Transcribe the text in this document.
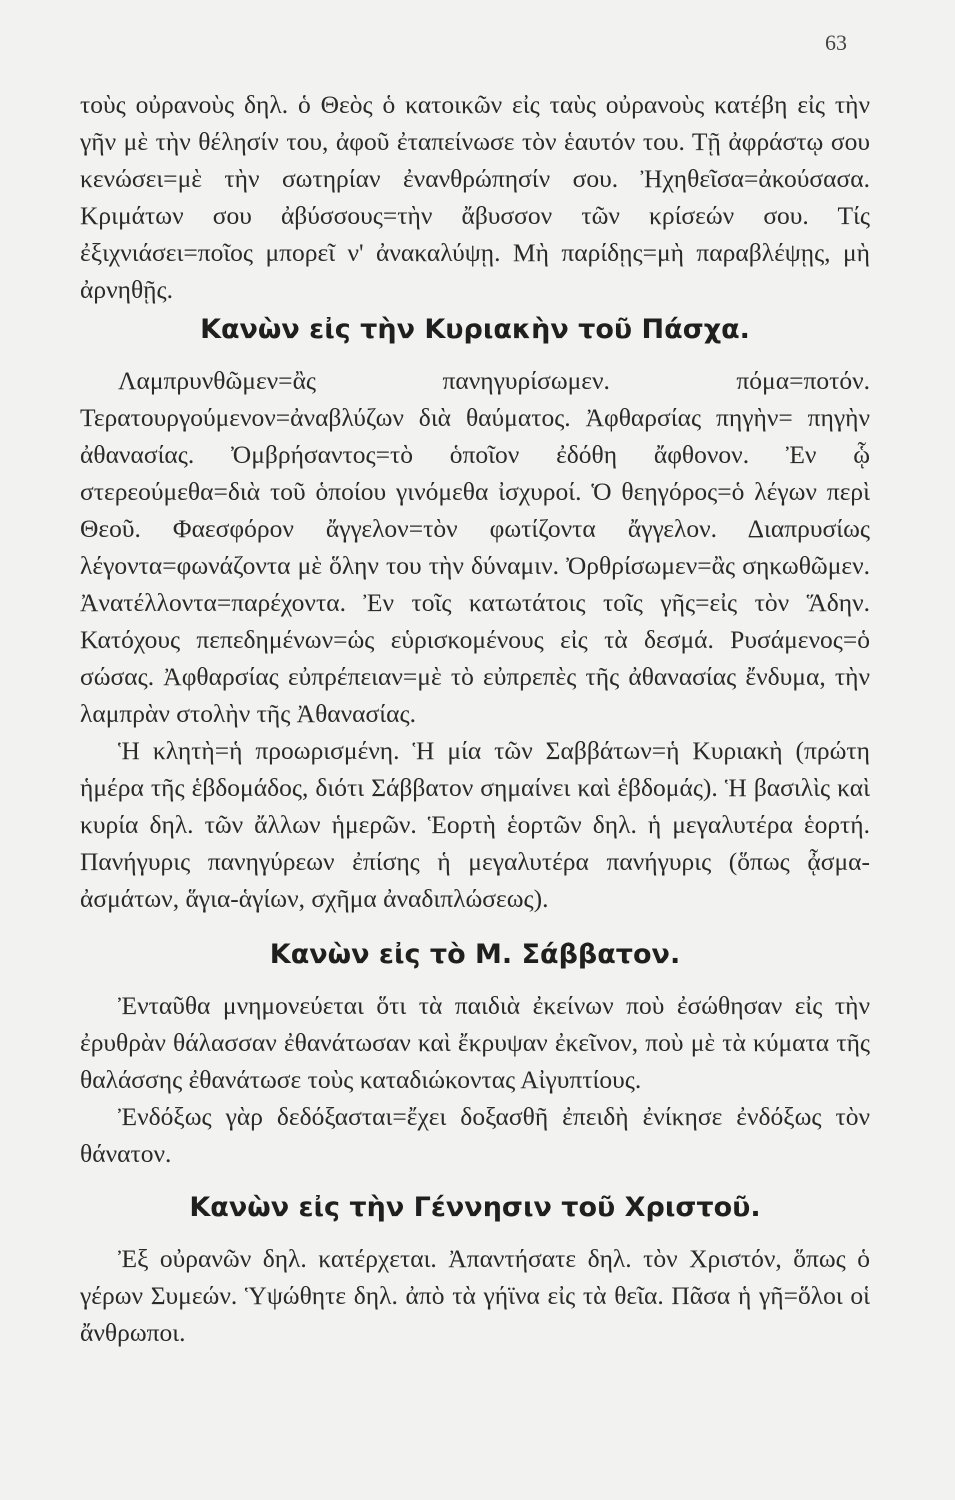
63

τοὺς οὐρανοὺς δηλ. ὁ Θεὸς ὁ κατοικῶν εἰς ταὺς οὐρανοὺς κατέβη εἰς τὴν γῆν μὲ τὴν θέλησίν του, ἀφοῦ ἐταπείνωσε τὸν ἑαυτόν του. Τῇ ἀφράστῳ σου κενώσει=μὲ τὴν σωτηρίαν ἐνανθρώπησίν σου. Ἠχηθεῖσα=ἀκούσασα. Κριμάτων σου ἀβύσσους=τὴν ἄβυσσον τῶν κρίσεών σου. Τίς ἐξιχνιάσει=ποῖος μπορεῖ ν' ἀνακαλύψῃ. Μὴ παρίδῃς=μὴ παραβλέψῃς, μὴ ἀρνηθῇς.

Κανὼν εἰς τὴν Κυριακὴν τοῦ Πάσχα.

Λαμπρυνθῶμεν=ἂς πανηγυρίσωμεν. πόμα=ποτόν. Τερατουργούμενον=ἀναβλύζων διὰ θαύματος. Ἀφθαρσίας πηγὴν= πηγὴν ἀθανασίας. Ὀμβρήσαντος=τὸ ὁποῖον ἐδόθη ἄφθονον. Ἐν ᾧ στερεούμεθα=διὰ τοῦ ὁποίου γινόμεθα ἰσχυροί. Ὁ θεηγόρος=ὁ λέγων περὶ Θεοῦ. Φαεσφόρον ἄγγελον=τὸν φωτίζοντα ἄγγελον. Διαπρυσίως λέγοντα=φωνάζοντα μὲ ὅλην του τὴν δύναμιν. Ὀρθρίσωμεν=ἂς σηκωθῶμεν. Ἀνατέλλοντα=παρέχοντα. Ἐν τοῖς κατωτάτοις τοῖς γῆς=εἰς τὸν Ἅδην. Κατόχους πεπεδημένων=ὡς εὑρισκομένους εἰς τὰ δεσμά. Ρυσάμενος=ὁ σώσας. Ἀφθαρσίας εὐπρέπειαν=μὲ τὸ εὐπρεπὲς τῆς ἀθανασίας ἔνδυμα, τὴν λαμπρὰν στολὴν τῆς Ἀθανασίας.

Ἡ κλητὴ=ἡ προωρισμένη. Ἡ μία τῶν Σαββάτων=ἡ Κυριακὴ (πρώτη ἡμέρα τῆς ἑβδομάδος, διότι Σάββατον σημαίνει καὶ ἑβδομάς). Ἡ βασιλὶς καὶ κυρία δηλ. τῶν ἄλλων ἡμερῶν. Ἑορτὴ ἑορτῶν δηλ. ἡ μεγαλυτέρα ἑορτή. Πανήγυρις πανηγύρεων ἐπίσης ἡ μεγαλυτέρα πανήγυρις (ὅπως ᾆσμα-ἀσμάτων, ἅγια-ἁγίων, σχῆμα ἀναδιπλώσεως).

Κανὼν εἰς τὸ Μ. Σάββατον.

Ἐνταῦθα μνημονεύεται ὅτι τὰ παιδιὰ ἐκείνων ποὺ ἐσώθησαν εἰς τὴν ἐρυθρὰν θάλασσαν ἐθανάτωσαν καὶ ἔκρυψαν ἐκεῖνον, ποὺ μὲ τὰ κύματα τῆς θαλάσσης ἐθανάτωσε τοὺς καταδιώκοντας Αἰγυπτίους.

Ἐνδόξως γὰρ δεδόξασται=ἔχει δοξασθῆ ἐπειδὴ ἐνίκησε ἐνδόξως τὸν θάνατον.

Κανὼν εἰς τὴν Γέννησιν τοῦ Χριστοῦ.

Ἐξ οὐρανῶν δηλ. κατέρχεται. Ἀπαντήσατε δηλ. τὸν Χριστόν, ὅπως ὁ γέρων Συμεών. Ὑψώθητε δηλ. ἀπὸ τὰ γήϊνα εἰς τὰ θεῖα. Πᾶσα ἡ γῆ=ὅλοι οἱ ἄνθρωποι.
